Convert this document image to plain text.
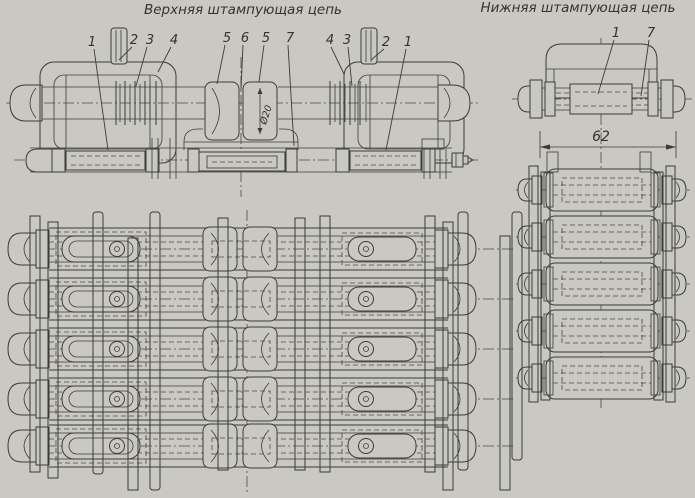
Верхняя штампующая цепь	Нижняя штампующая цепь
Ø20
1	2 3 4	5 6 5 7 4 3 2 1
1 7
62
